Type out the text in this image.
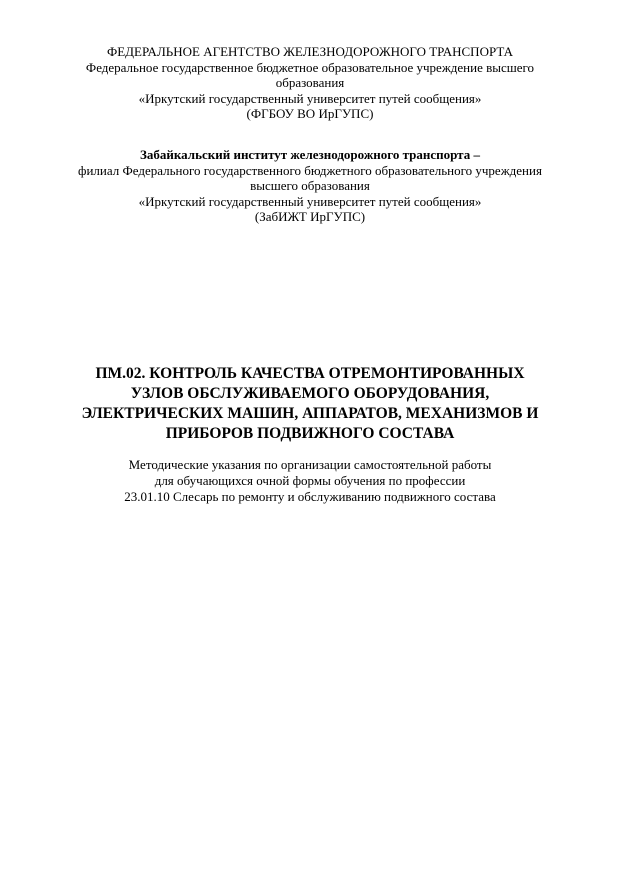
ФЕДЕРАЛЬНОЕ АГЕНТСТВО ЖЕЛЕЗНОДОРОЖНОГО ТРАНСПОРТА
Федеральное государственное бюджетное образовательное учреждение высшего
образования
«Иркутский государственный университет путей сообщения»
(ФГБОУ ВО ИрГУПС)
Забайкальский институт железнодорожного транспорта –
филиал Федерального государственного бюджетного образовательного учреждения
высшего образования
«Иркутский государственный университет путей сообщения»
(ЗабИЖТ ИрГУПС)
ПМ.02. КОНТРОЛЬ КАЧЕСТВА ОТРЕМОНТИРОВАННЫХ
УЗЛОВ ОБСЛУЖИВАЕМОГО ОБОРУДОВАНИЯ,
ЭЛЕКТРИЧЕСКИХ МАШИН, АППАРАТОВ, МЕХАНИЗМОВ И
ПРИБОРОВ ПОДВИЖНОГО СОСТАВА
Методические указания по организации самостоятельной работы
для обучающихся очной формы обучения по профессии
23.01.10 Слесарь по ремонту и обслуживанию подвижного состава
